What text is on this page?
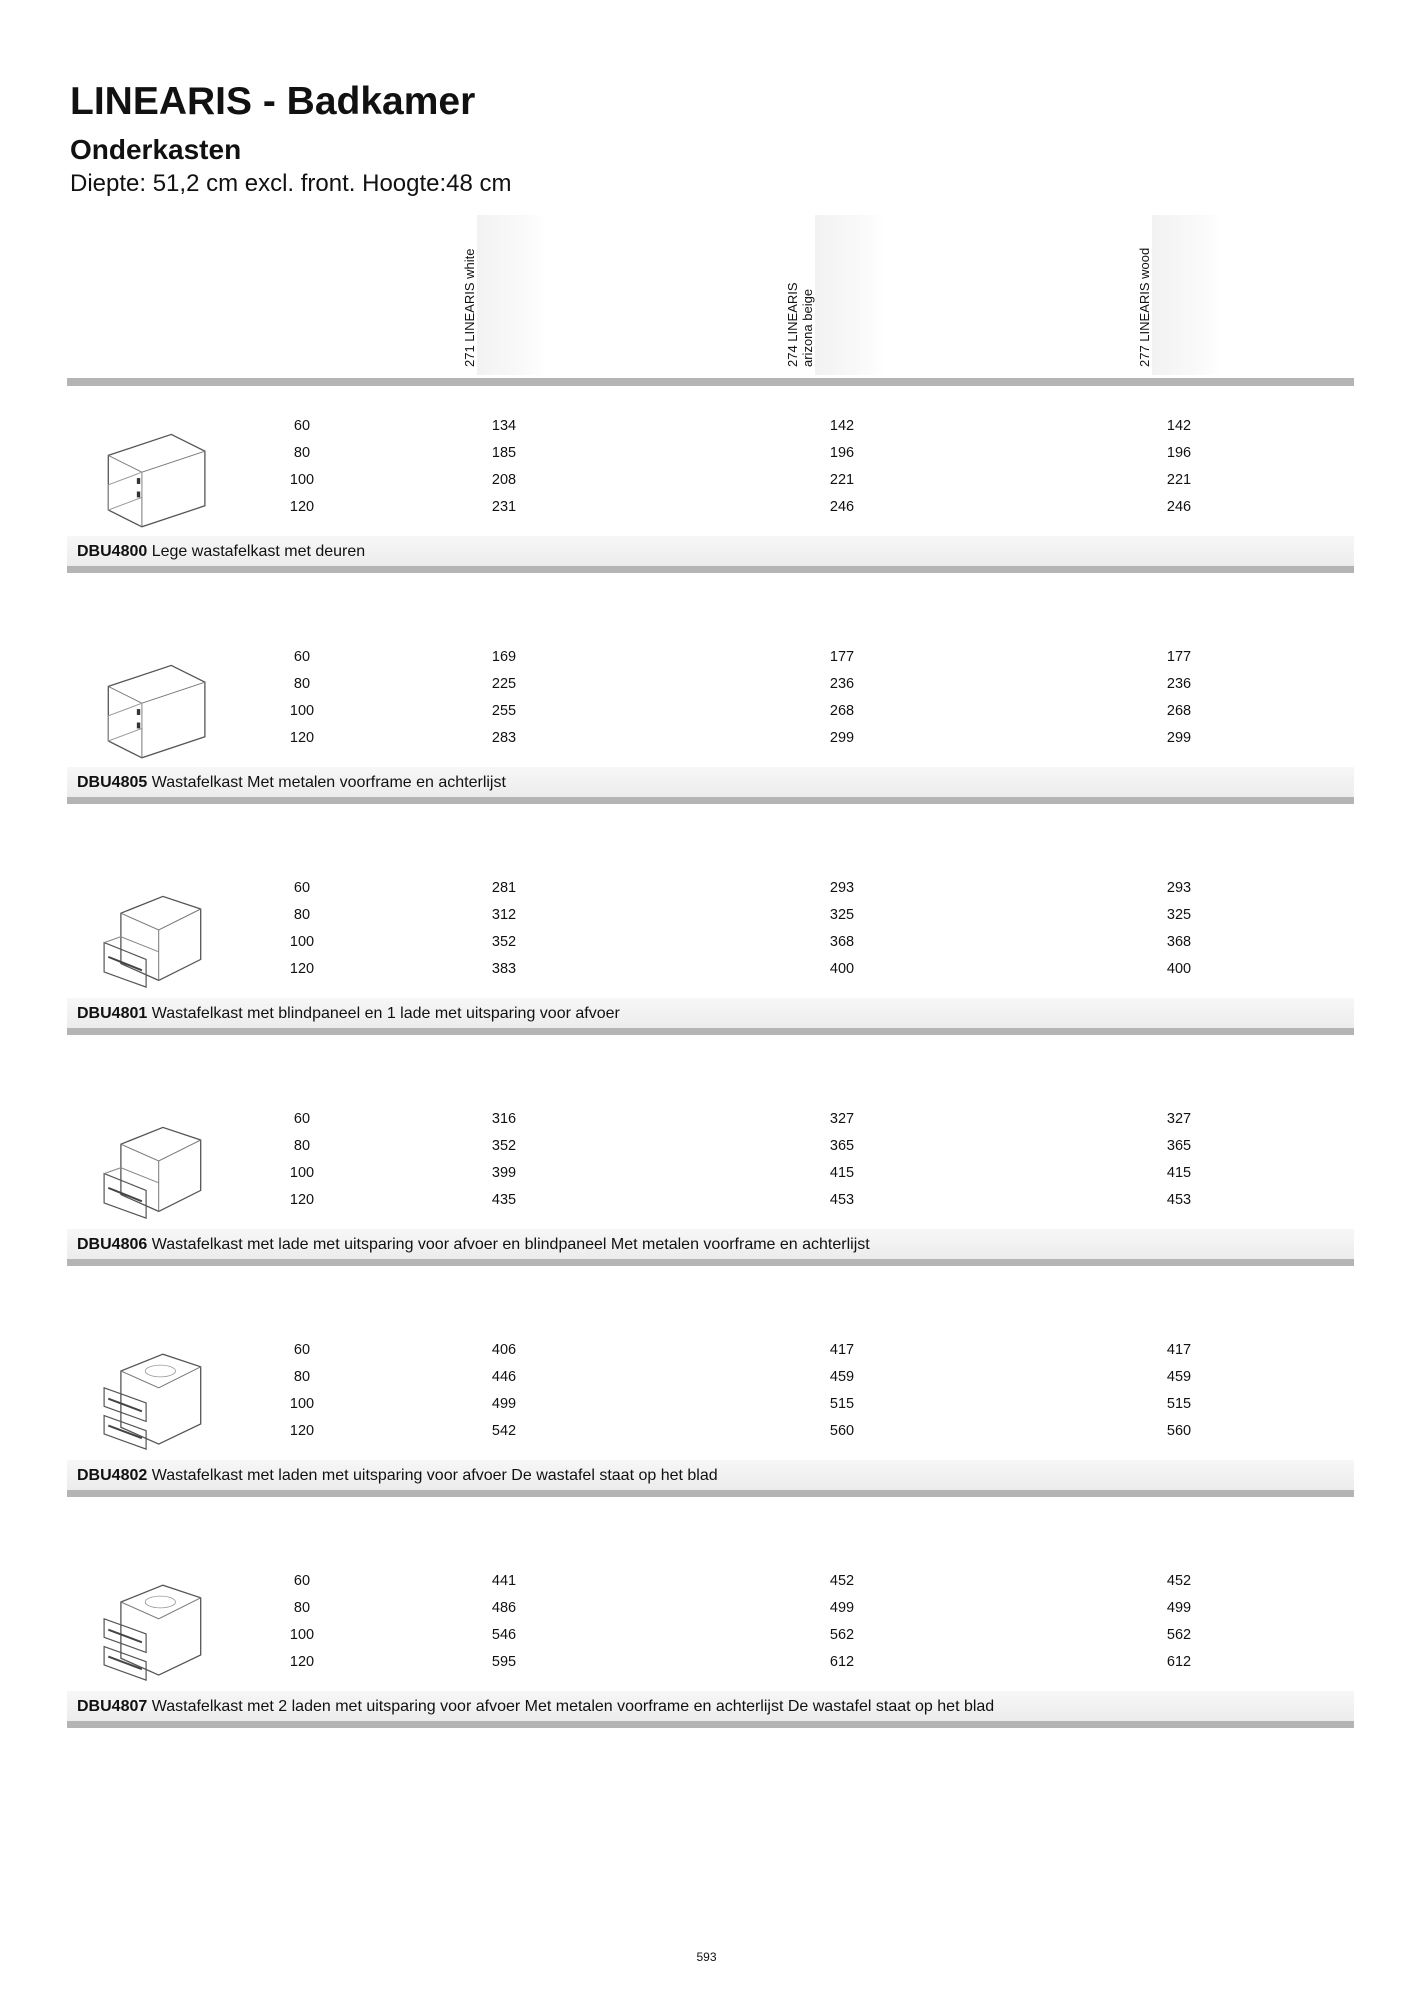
LINEARIS - Badkamer
Onderkasten

Diepte: 51,2 cm excl. front. Hoogte:48 cm

271 LINEARIS white	274 LINEARIS arizona beige	277 LINEARIS wood
60	134	142	142
80	185	196	196
100	208	221	221
120	231	246	246
DBU4800 Lege wastafelkast met deuren
60	169	177	177
80	225	236	236
100	255	268	268
120	283	299	299
DBU4805 Wastafelkast Met metalen voorframe en achterlijst
60	281	293	293
80	312	325	325
100	352	368	368
120	383	400	400
DBU4801 Wastafelkast met blindpaneel en 1 lade met uitsparing voor afvoer
60	316	327	327
80	352	365	365
100	399	415	415
120	435	453	453
DBU4806 Wastafelkast met lade met uitsparing voor afvoer en blindpaneel Met metalen voorframe en achterlijst
60	406	417	417
80	446	459	459
100	499	515	515
120	542	560	560
DBU4802 Wastafelkast met laden met uitsparing voor afvoer De wastafel staat op het blad
60	441	452	452
80	486	499	499
100	546	562	562
120	595	612	612
DBU4807 Wastafelkast met 2 laden met uitsparing voor afvoer Met metalen voorframe en achterlijst De wastafel staat op het blad
593
